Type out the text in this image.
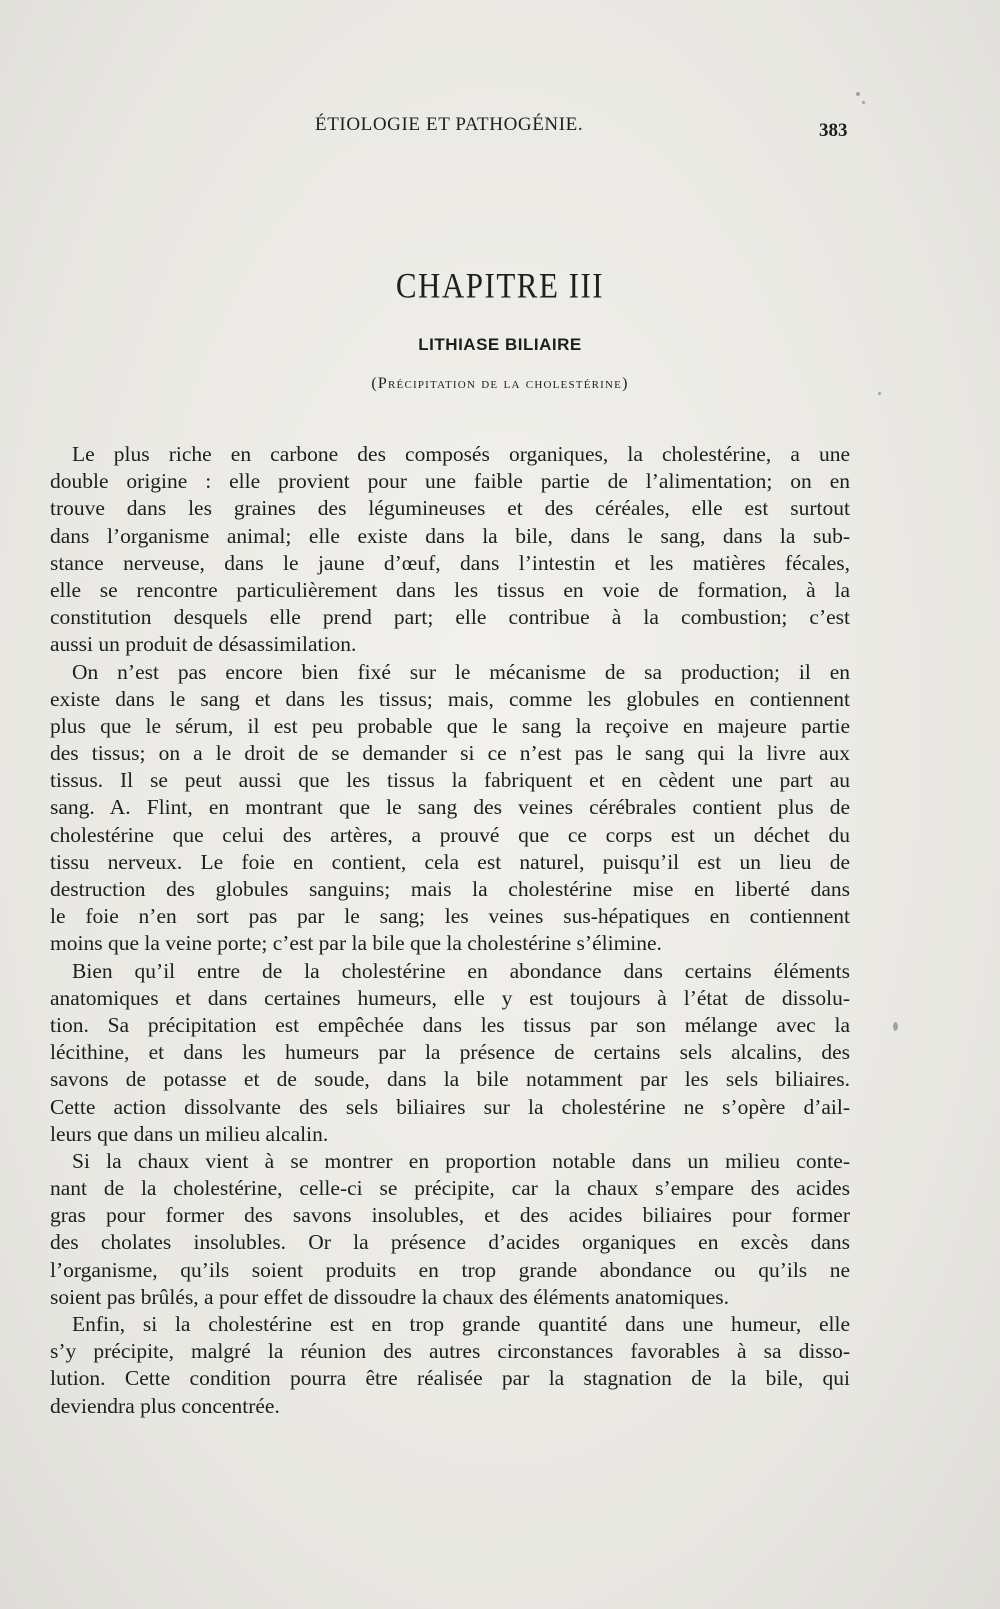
ÉTIOLOGIE ET PATHOGÉNIE.	383
CHAPITRE III
LITHIASE BILIAIRE
(Précipitation de la cholestérine)
Le plus riche en carbone des composés organiques, la cholestérine, a une
double origine : elle provient pour une faible partie de l’alimentation; on en
trouve dans les graines des légumineuses et des céréales, elle est surtout
dans l’organisme animal; elle existe dans la bile, dans le sang, dans la sub-
stance nerveuse, dans le jaune d’œuf, dans l’intestin et les matières fécales,
elle se rencontre particulièrement dans les tissus en voie de formation, à la
constitution desquels elle prend part; elle contribue à la combustion; c’est
aussi un produit de désassimilation.
On n’est pas encore bien fixé sur le mécanisme de sa production; il en
existe dans le sang et dans les tissus; mais, comme les globules en contiennent
plus que le sérum, il est peu probable que le sang la reçoive en majeure partie
des tissus; on a le droit de se demander si ce n’est pas le sang qui la livre aux
tissus. Il se peut aussi que les tissus la fabriquent et en cèdent une part au
sang. A. Flint, en montrant que le sang des veines cérébrales contient plus de
cholestérine que celui des artères, a prouvé que ce corps est un déchet du
tissu nerveux. Le foie en contient, cela est naturel, puisqu’il est un lieu de
destruction des globules sanguins; mais la cholestérine mise en liberté dans
le foie n’en sort pas par le sang; les veines sus-hépatiques en contiennent
moins que la veine porte; c’est par la bile que la cholestérine s’élimine.
Bien qu’il entre de la cholestérine en abondance dans certains éléments
anatomiques et dans certaines humeurs, elle y est toujours à l’état de dissolu-
tion. Sa précipitation est empêchée dans les tissus par son mélange avec la
lécithine, et dans les humeurs par la présence de certains sels alcalins, des
savons de potasse et de soude, dans la bile notamment par les sels biliaires.
Cette action dissolvante des sels biliaires sur la cholestérine ne s’opère d’ail-
leurs que dans un milieu alcalin.
Si la chaux vient à se montrer en proportion notable dans un milieu conte-
nant de la cholestérine, celle-ci se précipite, car la chaux s’empare des acides
gras pour former des savons insolubles, et des acides biliaires pour former
des cholates insolubles. Or la présence d’acides organiques en excès dans
l’organisme, qu’ils soient produits en trop grande abondance ou qu’ils ne
soient pas brûlés, a pour effet de dissoudre la chaux des éléments anatomiques.
Enfin, si la cholestérine est en trop grande quantité dans une humeur, elle
s’y précipite, malgré la réunion des autres circonstances favorables à sa disso-
lution. Cette condition pourra être réalisée par la stagnation de la bile, qui
deviendra plus concentrée.
